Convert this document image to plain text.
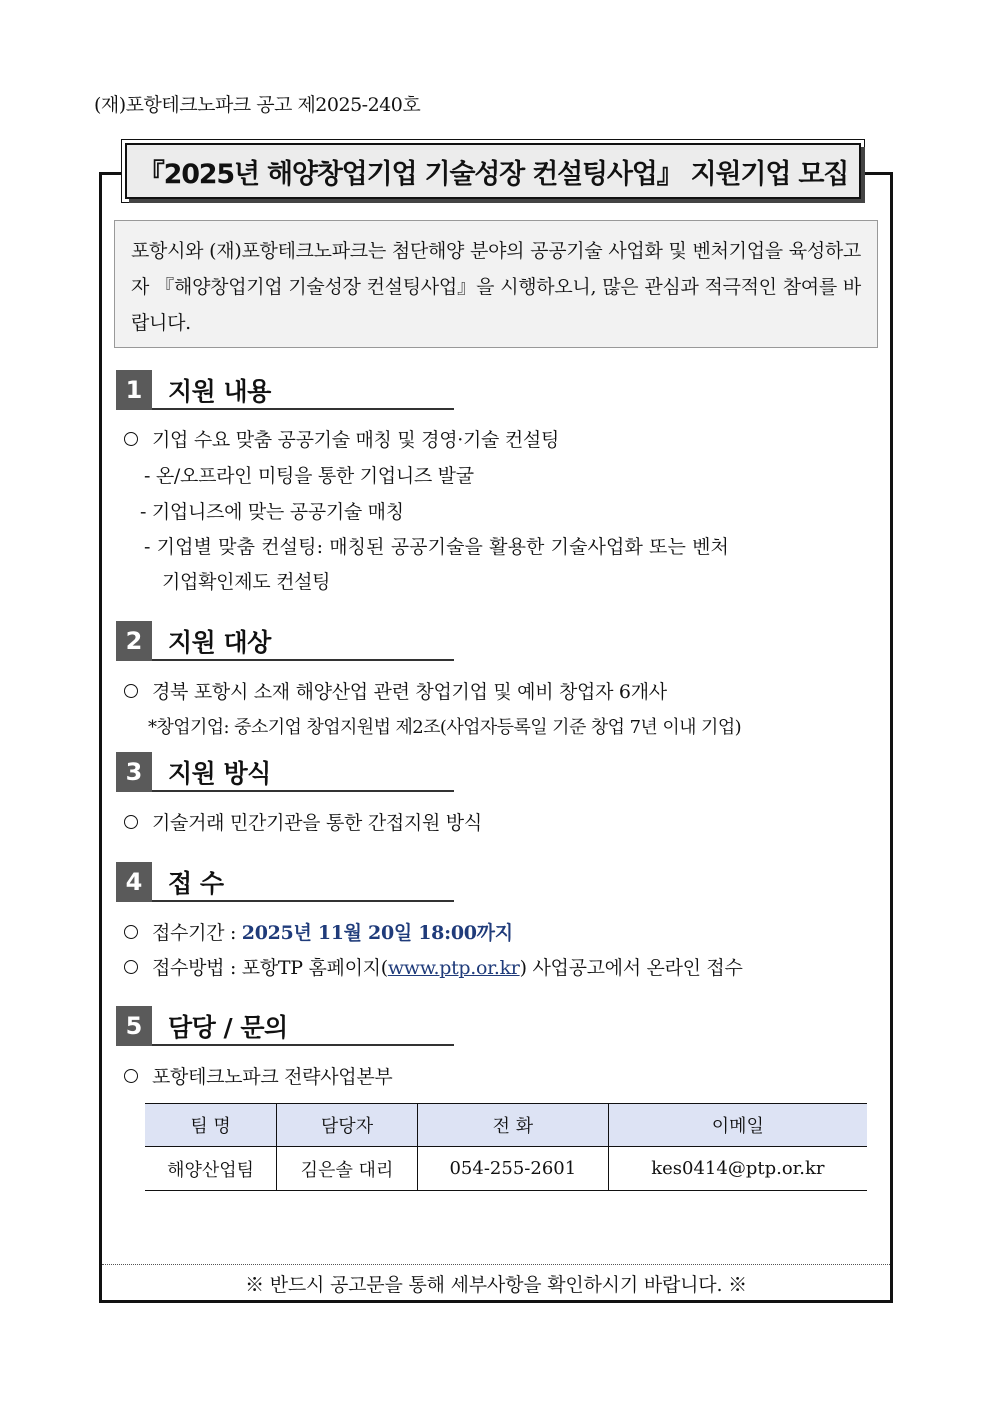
(재)포항테크노파크 공고 제2025-240호
『2025년 해양창업기업 기술성장 컨설팅사업』 지원기업 모집
포항시와 (재)포항테크노파크는 첨단해양 분야의 공공기술 사업화 및 벤처기업을 육성하고자 『해양창업기업 기술성장 컨설팅사업』을 시행하오니, 많은 관심과 적극적인 참여를 바랍니다.
1	지원 내용
기업 수요 맞춤 공공기술 매칭 및 경영·기술 컨설팅
- 온/오프라인 미팅을 통한 기업니즈 발굴
- 기업니즈에 맞는 공공기술 매칭
- 기업별 맞춤 컨설팅: 매칭된 공공기술을 활용한 기술사업화 또는 벤처
기업확인제도 컨설팅
2	지원 대상
경북 포항시 소재 해양산업 관련 창업기업 및 예비 창업자 6개사
*창업기업: 중소기업 창업지원법 제2조(사업자등록일 기준 창업 7년 이내 기업)
3	지원 방식
기술거래 민간기관을 통한 간접지원 방식
4	접 수
접수기간 : 2025년 11월 20일 18:00까지
접수방법 : 포항TP 홈페이지(www.ptp.or.kr) 사업공고에서 온라인 접수
5	담당 / 문의
포항테크노파크 전략사업본부
팀 명	담당자	전 화	이메일
해양산업팀	김은솔 대리	054-255-2601	kes0414@ptp.or.kr
※ 반드시 공고문을 통해 세부사항을 확인하시기 바랍니다. ※
